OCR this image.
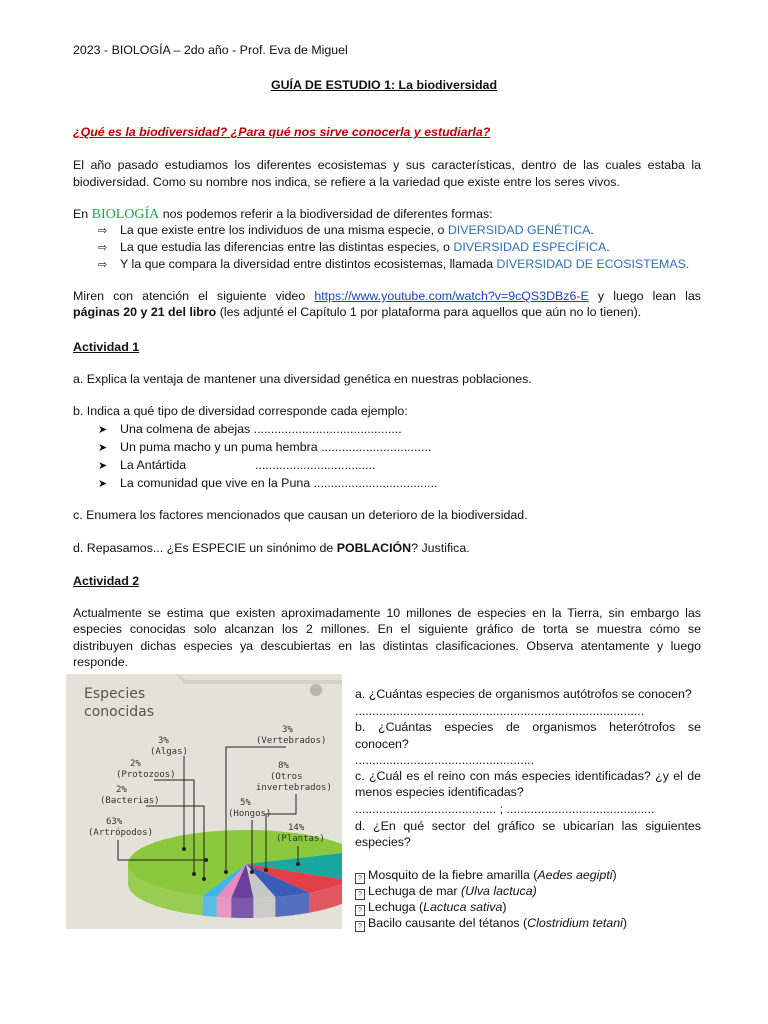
2023 - BIOLOGÍA – 2do año - Prof. Eva de Miguel
GUÍA DE ESTUDIO 1: La biodiversidad
¿Qué es la biodiversidad? ¿Para qué nos sirve conocerla y estudiarla?
El año pasado estudiamos los diferentes ecosistemas y sus características, dentro de las cuales estaba la
biodiversidad. Como su nombre nos indica, se refiere a la variedad que existe entre los seres vivos.
En BIOLOGÍA nos podemos referir a la biodiversidad de diferentes formas:
⇨ La que existe entre los individuos de una misma especie, o DIVERSIDAD GENÉTICA.
⇨ La que estudia las diferencias entre las distintas especies, o DIVERSIDAD ESPECÍFICA.
⇨ Y la que compara la diversidad entre distintos ecosistemas, llamada DIVERSIDAD DE ECOSISTEMAS.
Miren con atención el siguiente video https://www.youtube.com/watch?v=9cQS3DBz6-E y luego lean las
páginas 20 y 21 del libro (les adjunté el Capítulo 1 por plataforma para aquellos que aún no lo tienen).
Actividad 1
a. Explica la ventaja de mantener una diversidad genética en nuestras poblaciones.
b. Indica a qué tipo de diversidad corresponde cada ejemplo:
➤ Una colmena de abejas ...........................................
➤ Un puma macho y un puma hembra ................................
➤ La Antártida                    ...................................
➤ La comunidad que vive en la Puna ....................................
c. Enumera los factores mencionados que causan un deterioro de la biodiversidad.
d. Repasamos... ¿Es ESPECIE un sinónimo de POBLACIÓN? Justifica.
Actividad 2
Actualmente se estima que existen aproximadamente 10 millones de especies en la Tierra, sin embargo las
especies conocidas solo alcanzan los 2 millones. En el siguiente gráfico de torta se muestra cómo se
distribuyen dichas especies ya descubiertas en las distintas clasificaciones. Observa atentamente y luego
responde.
Especies
conocidas
3%
(Algas)
3%
(Vertebrados)
2%
(Protozoos)
8%
(Otros
invertebrados)
2%
(Bacterias)	5%
(Hongos)
63%
(Artrópodos)	14%
(Plantas)
a. ¿Cuántas especies de organismos autótrofos se conocen?
....................................................................................
b.   ¿Cuántas   especies   de   organismos   heterótrofos   se
conocen?
....................................................
c. ¿Cuál es el reino con más especies identificadas? ¿y el de
menos especies identificadas?
......................................... ; ...........................................
d. ¿En qué sector del gráfico se ubicarían las siguientes
especies?
? Mosquito de la fiebre amarilla (Aedes aegipti)
? Lechuga de mar (Ulva lactuca)
? Lechuga (Lactuca sativa)
? Bacilo causante del tétanos (Clostridium tetani)
